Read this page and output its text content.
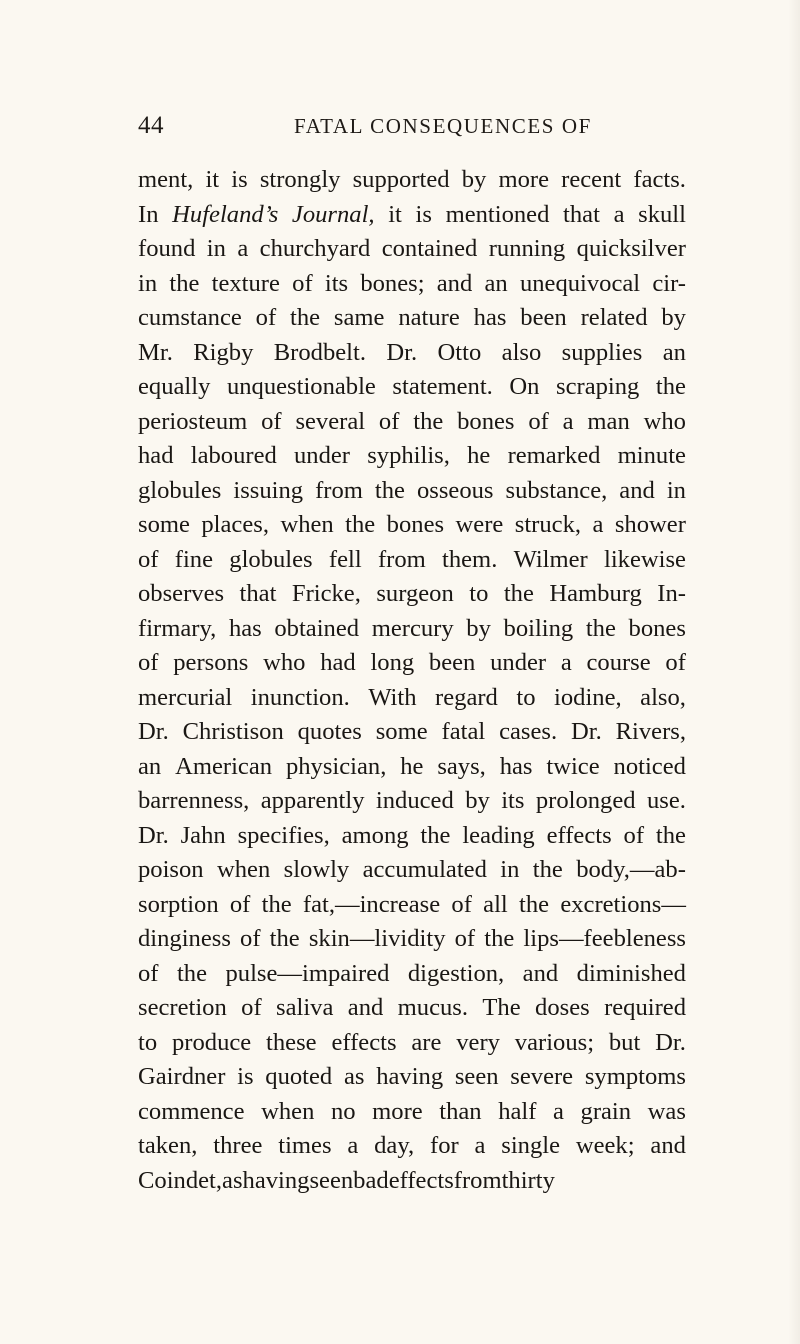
44	FATAL CONSEQUENCES OF
ment, it is strongly supported by more recent facts.
In Hufeland’s Journal, it is mentioned that a skull
found in a churchyard contained running quicksilver
in the texture of its bones; and an unequivocal cir-
cumstance of the same nature has been related by
Mr. Rigby Brodbelt. Dr. Otto also supplies an
equally unquestionable statement. On scraping the
periosteum of several of the bones of a man who
had laboured under syphilis, he remarked minute
globules issuing from the osseous substance, and in
some places, when the bones were struck, a shower
of fine globules fell from them. Wilmer likewise
observes that Fricke, surgeon to the Hamburg In-
firmary, has obtained mercury by boiling the bones
of persons who had long been under a course of
mercurial inunction. With regard to iodine, also,
Dr. Christison quotes some fatal cases. Dr. Rivers,
an American physician, he says, has twice noticed
barrenness, apparently induced by its prolonged use.
Dr. Jahn specifies, among the leading effects of the
poison when slowly accumulated in the body,—ab-
sorption of the fat,—increase of all the excretions—
dinginess of the skin—lividity of the lips—feebleness
of the pulse—impaired digestion, and diminished
secretion of saliva and mucus. The doses required
to produce these effects are very various; but Dr.
Gairdner is quoted as having seen severe symptoms
commence when no more than half a grain was
taken, three times a day, for a single week; and
Coindet, as having seen bad effects from thirty
